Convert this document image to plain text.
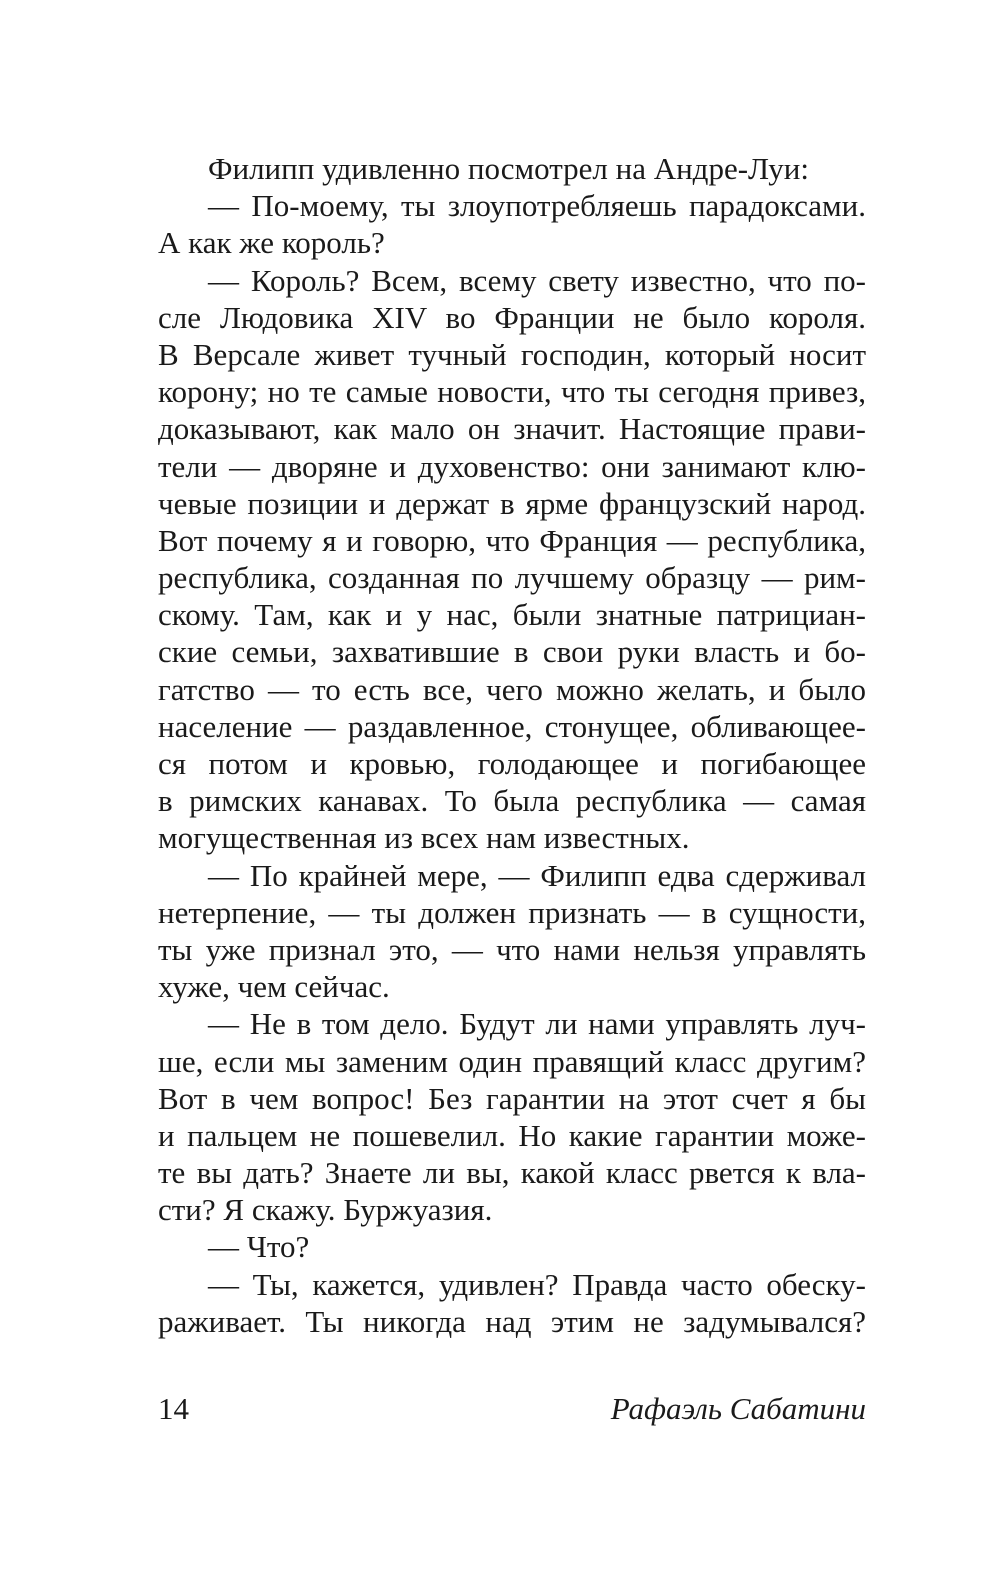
Филипп удивленно посмотрел на Андре-Луи:
— По-моему, ты злоупотребляешь парадоксами.
А как же король?
— Король? Всем, всему свету известно, что по-
сле Людовика XIV во Франции не было короля.
В Версале живет тучный господин, который носит
корону; но те самые новости, что ты сегодня привез,
доказывают, как мало он значит. Настоящие прави-
тели — дворяне и духовенство: они занимают клю-
чевые позиции и держат в ярме французский народ.
Вот почему я и говорю, что Франция — республика,
республика, созданная по лучшему образцу — рим-
скому. Там, как и у нас, были знатные патрициан-
ские семьи, захватившие в свои руки власть и бо-
гатство — то есть все, чего можно желать, и было
население — раздавленное, стонущее, обливающее-
ся потом и кровью, голодающее и погибающее
в римских канавах. То была республика — самая
могущественная из всех нам известных.
— По крайней мере, — Филипп едва сдерживал
нетерпение, — ты должен признать — в сущности,
ты уже признал это, — что нами нельзя управлять
хуже, чем сейчас.
— Не в том дело. Будут ли нами управлять луч-
ше, если мы заменим один правящий класс другим?
Вот в чем вопрос! Без гарантии на этот счет я бы
и пальцем не пошевелил. Но какие гарантии може-
те вы дать? Знаете ли вы, какой класс рвется к вла-
сти? Я скажу. Буржуазия.
— Что?
— Ты, кажется, удивлен? Правда часто обеску-
раживает. Ты никогда над этим не задумывался?
14	Рафаэль Сабатини
